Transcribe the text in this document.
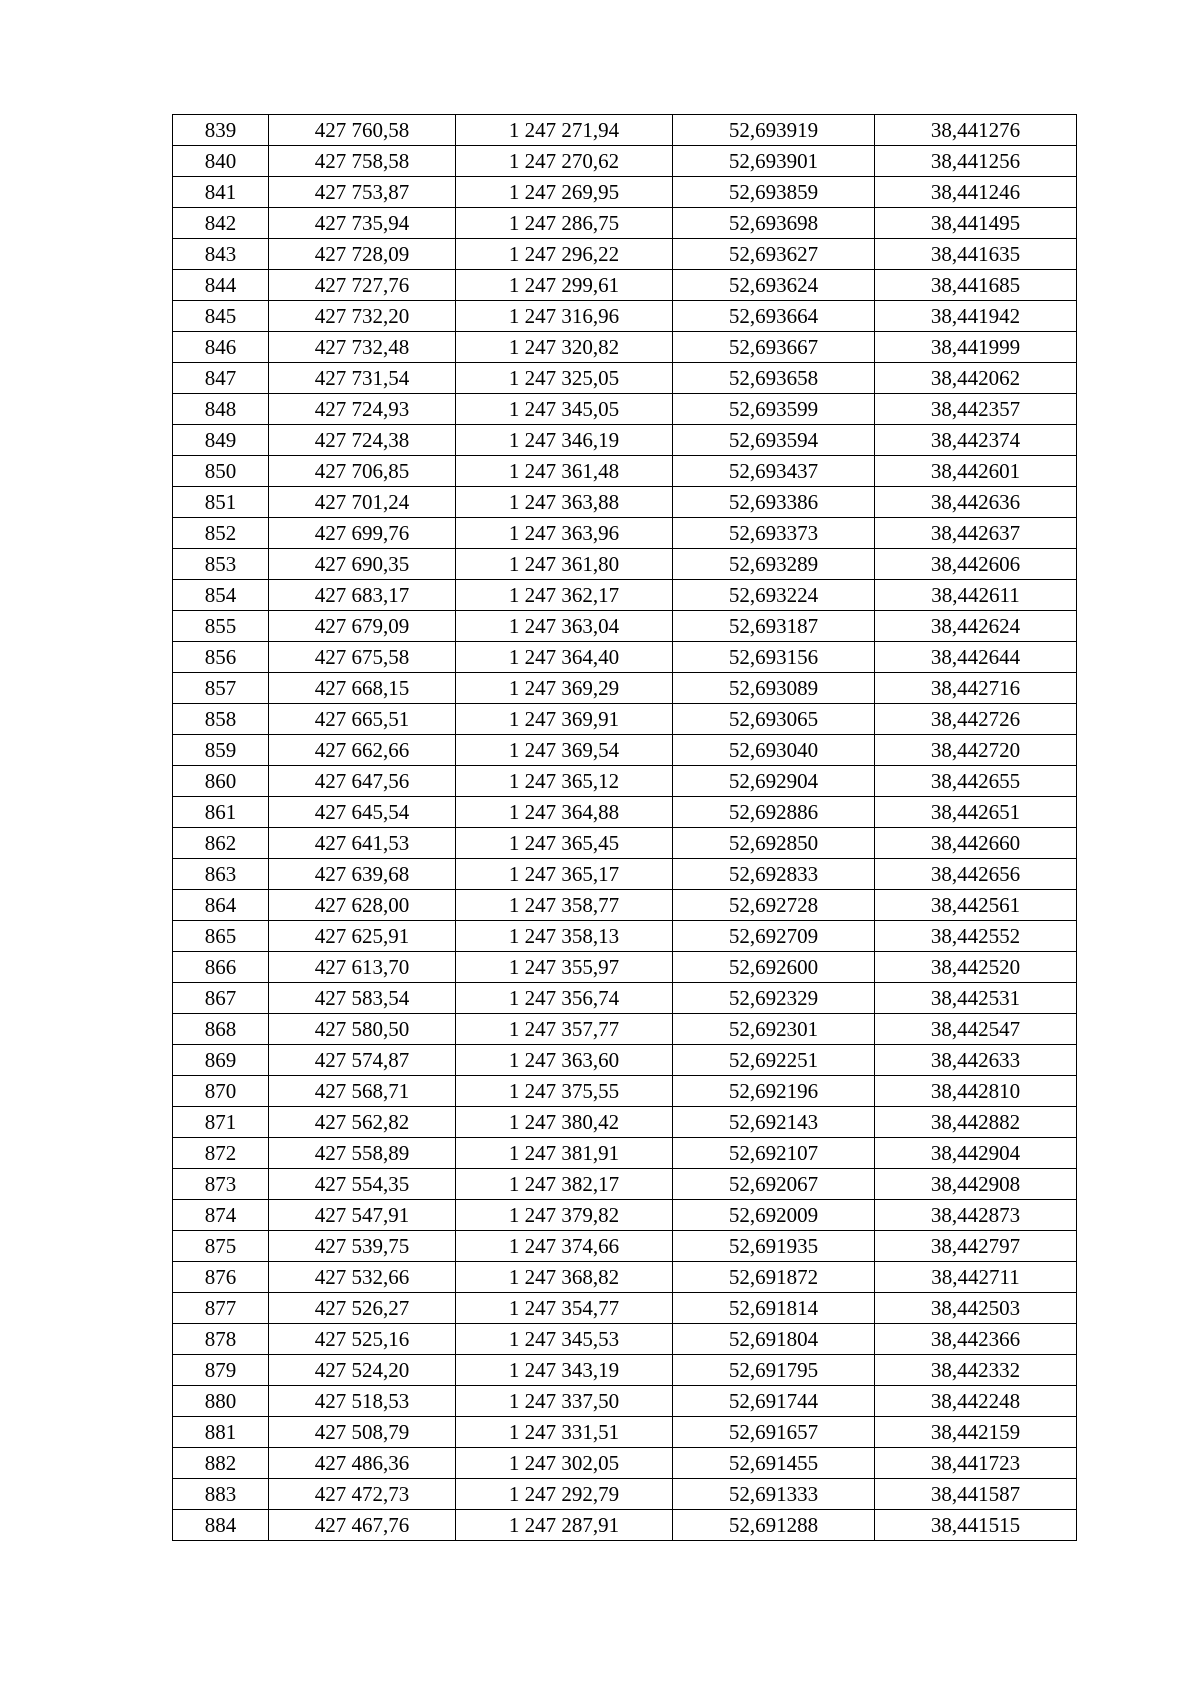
839	427 760,58	1 247 271,94	52,693919	38,441276
840	427 758,58	1 247 270,62	52,693901	38,441256
841	427 753,87	1 247 269,95	52,693859	38,441246
842	427 735,94	1 247 286,75	52,693698	38,441495
843	427 728,09	1 247 296,22	52,693627	38,441635
844	427 727,76	1 247 299,61	52,693624	38,441685
845	427 732,20	1 247 316,96	52,693664	38,441942
846	427 732,48	1 247 320,82	52,693667	38,441999
847	427 731,54	1 247 325,05	52,693658	38,442062
848	427 724,93	1 247 345,05	52,693599	38,442357
849	427 724,38	1 247 346,19	52,693594	38,442374
850	427 706,85	1 247 361,48	52,693437	38,442601
851	427 701,24	1 247 363,88	52,693386	38,442636
852	427 699,76	1 247 363,96	52,693373	38,442637
853	427 690,35	1 247 361,80	52,693289	38,442606
854	427 683,17	1 247 362,17	52,693224	38,442611
855	427 679,09	1 247 363,04	52,693187	38,442624
856	427 675,58	1 247 364,40	52,693156	38,442644
857	427 668,15	1 247 369,29	52,693089	38,442716
858	427 665,51	1 247 369,91	52,693065	38,442726
859	427 662,66	1 247 369,54	52,693040	38,442720
860	427 647,56	1 247 365,12	52,692904	38,442655
861	427 645,54	1 247 364,88	52,692886	38,442651
862	427 641,53	1 247 365,45	52,692850	38,442660
863	427 639,68	1 247 365,17	52,692833	38,442656
864	427 628,00	1 247 358,77	52,692728	38,442561
865	427 625,91	1 247 358,13	52,692709	38,442552
866	427 613,70	1 247 355,97	52,692600	38,442520
867	427 583,54	1 247 356,74	52,692329	38,442531
868	427 580,50	1 247 357,77	52,692301	38,442547
869	427 574,87	1 247 363,60	52,692251	38,442633
870	427 568,71	1 247 375,55	52,692196	38,442810
871	427 562,82	1 247 380,42	52,692143	38,442882
872	427 558,89	1 247 381,91	52,692107	38,442904
873	427 554,35	1 247 382,17	52,692067	38,442908
874	427 547,91	1 247 379,82	52,692009	38,442873
875	427 539,75	1 247 374,66	52,691935	38,442797
876	427 532,66	1 247 368,82	52,691872	38,442711
877	427 526,27	1 247 354,77	52,691814	38,442503
878	427 525,16	1 247 345,53	52,691804	38,442366
879	427 524,20	1 247 343,19	52,691795	38,442332
880	427 518,53	1 247 337,50	52,691744	38,442248
881	427 508,79	1 247 331,51	52,691657	38,442159
882	427 486,36	1 247 302,05	52,691455	38,441723
883	427 472,73	1 247 292,79	52,691333	38,441587
884	427 467,76	1 247 287,91	52,691288	38,441515
